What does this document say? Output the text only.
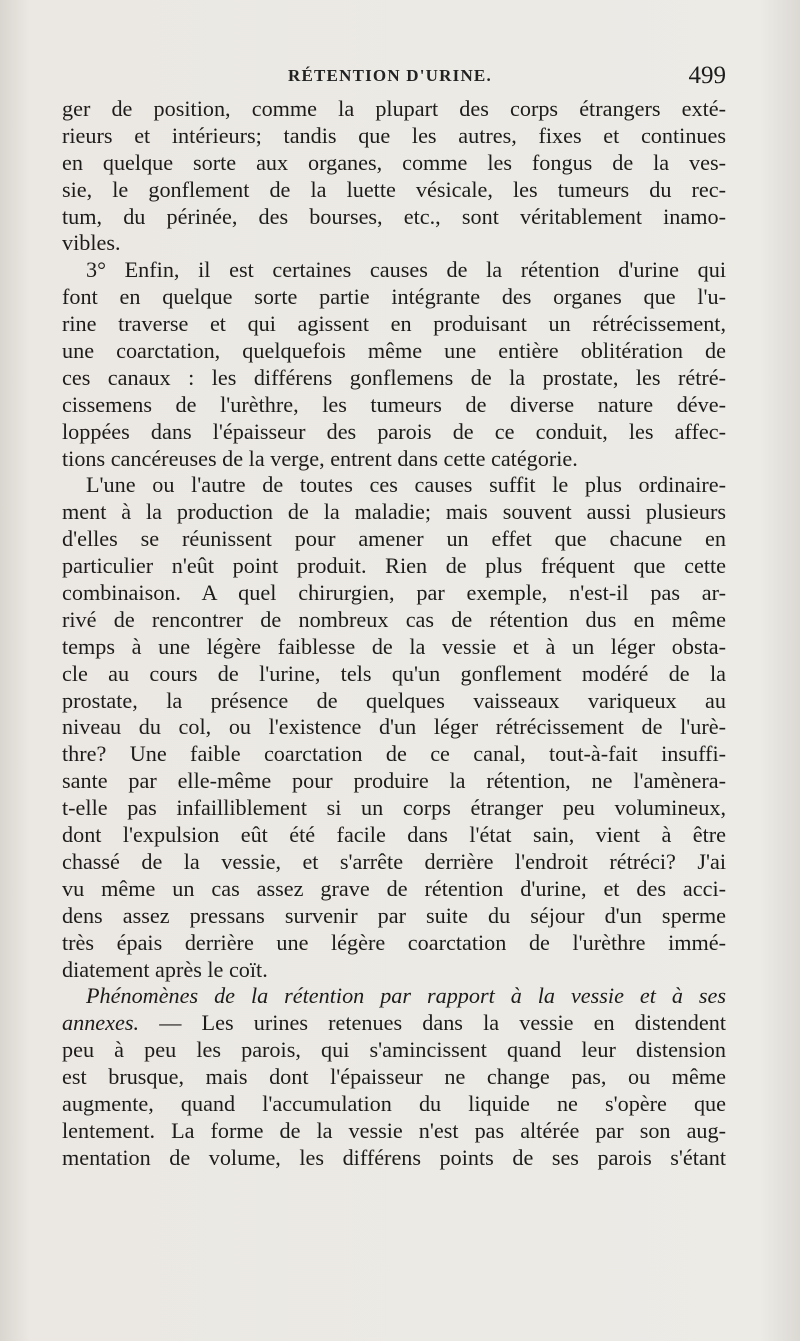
RÉTENTION D'URINE.	499
ger de position, comme la plupart des corps étrangers exté-
rieurs et intérieurs; tandis que les autres, fixes et continues
en quelque sorte aux organes, comme les fongus de la ves-
sie, le gonflement de la luette vésicale, les tumeurs du rec-
tum, du périnée, des bourses, etc., sont véritablement inamo-
vibles.
3° Enfin, il est certaines causes de la rétention d'urine qui
font en quelque sorte partie intégrante des organes que l'u-
rine traverse et qui agissent en produisant un rétrécissement,
une coarctation, quelquefois même une entière oblitération de
ces canaux : les différens gonflemens de la prostate, les rétré-
cissemens de l'urèthre, les tumeurs de diverse nature déve-
loppées dans l'épaisseur des parois de ce conduit, les affec-
tions cancéreuses de la verge, entrent dans cette catégorie.
L'une ou l'autre de toutes ces causes suffit le plus ordinaire-
ment à la production de la maladie; mais souvent aussi plusieurs
d'elles se réunissent pour amener un effet que chacune en
particulier n'eût point produit. Rien de plus fréquent que cette
combinaison. A quel chirurgien, par exemple, n'est-il pas ar-
rivé de rencontrer de nombreux cas de rétention dus en même
temps à une légère faiblesse de la vessie et à un léger obsta-
cle au cours de l'urine, tels qu'un gonflement modéré de la
prostate, la présence de quelques vaisseaux variqueux au
niveau du col, ou l'existence d'un léger rétrécissement de l'urè-
thre? Une faible coarctation de ce canal, tout-à-fait insuffi-
sante par elle-même pour produire la rétention, ne l'amènera-
t-elle pas infailliblement si un corps étranger peu volumineux,
dont l'expulsion eût été facile dans l'état sain, vient à être
chassé de la vessie, et s'arrête derrière l'endroit rétréci? J'ai
vu même un cas assez grave de rétention d'urine, et des acci-
dens assez pressans survenir par suite du séjour d'un sperme
très épais derrière une légère coarctation de l'urèthre immé-
diatement après le coït.
Phénomènes de la rétention par rapport à la vessie et à ses
annexes. — Les urines retenues dans la vessie en distendent
peu à peu les parois, qui s'amincissent quand leur distension
est brusque, mais dont l'épaisseur ne change pas, ou même
augmente, quand l'accumulation du liquide ne s'opère que
lentement. La forme de la vessie n'est pas altérée par son aug-
mentation de volume, les différens points de ses parois s'étant
